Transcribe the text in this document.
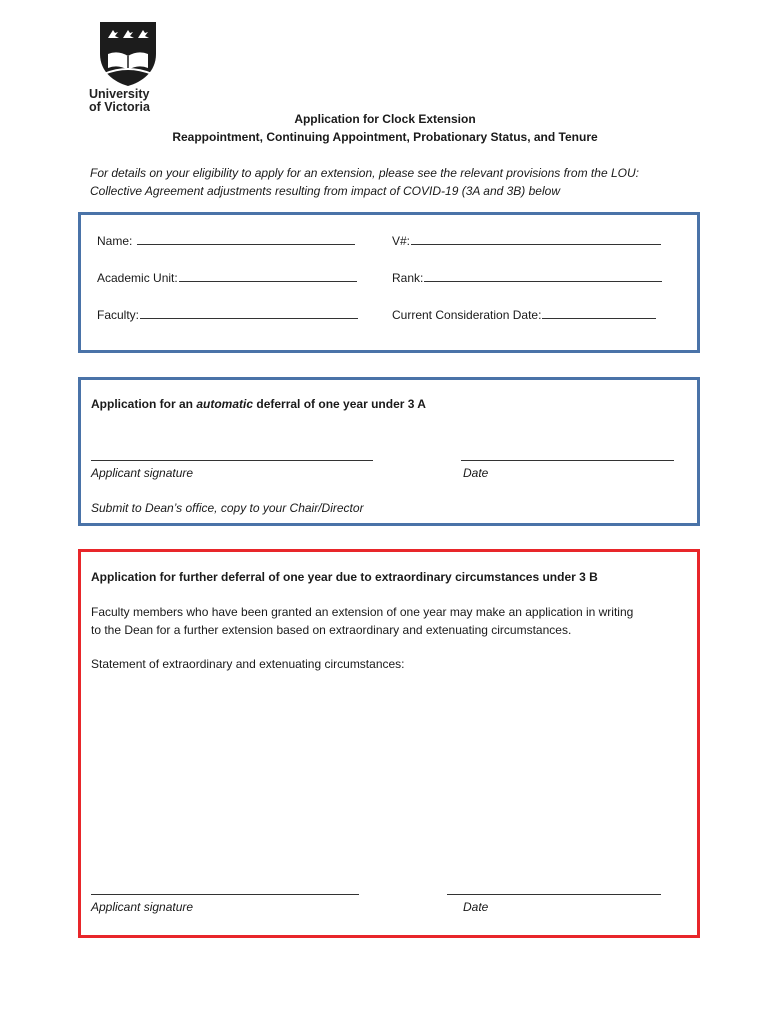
University
of Victoria
Application for Clock Extension
Reappointment, Continuing Appointment, Probationary Status, and Tenure
For details on your eligibility to apply for an extension, please see the relevant provisions from the LOU:
Collective Agreement adjustments resulting from impact of COVID-19 (3A and 3B) below
Name:	V#:
Academic Unit:	Rank:
Faculty:	Current Consideration Date:
Application for an automatic deferral of one year under 3 A
Applicant signature	Date
Submit to Dean’s office, copy to your Chair/Director
Application for further deferral of one year due to extraordinary circumstances under 3 B
Faculty members who have been granted an extension of one year may make an application in writing
to the Dean for a further extension based on extraordinary and extenuating circumstances.
Statement of extraordinary and extenuating circumstances:
Applicant signature	Date
